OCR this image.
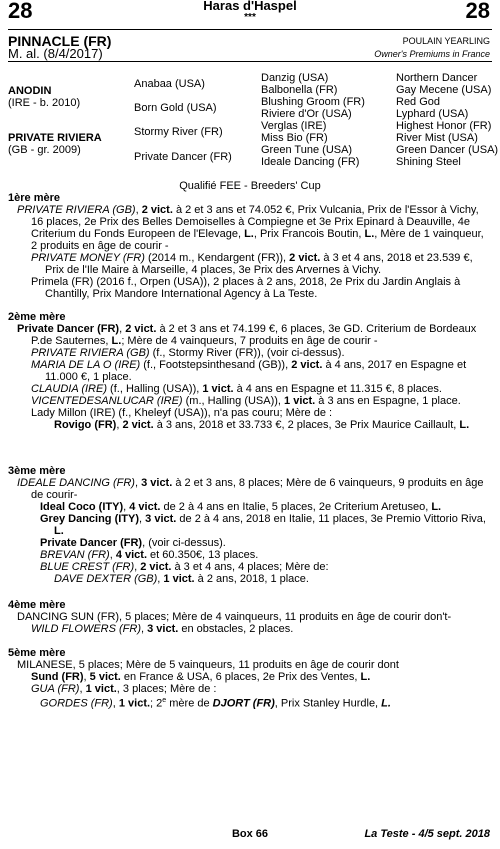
28	28
Haras d'Haspel
***
PINNACLE (FR)
M. al. (8/4/2017)
POULAIN YEARLING
Owner's Premiums in France
ANODIN
(IRE - b. 2010)
PRIVATE RIVIERA
(GB - gr. 2009)
Anabaa (USA)
Born Gold (USA)
Stormy River (FR)
Private Dancer (FR)
Danzig (USA)
Balbonella (FR)
Blushing Groom (FR)
Riviere d'Or (USA)
Verglas (IRE)
Miss Bio (FR)
Green Tune (USA)
Ideale Dancing (FR)
Northern Dancer
Gay Mecene (USA)
Red God
Lyphard (USA)
Highest Honor (FR)
River Mist (USA)
Green Dancer (USA)
Shining Steel
Qualifié FEE - Breeders' Cup

1ère mère

PRIVATE RIVIERA (GB), 2 vict. à 2 et 3 ans et 74.052 €, Prix Vulcania, Prix de l'Essor à Vichy, 16 places, 2e Prix des Belles Demoiselles à Compiegne et 3e Prix Epinard à Deauville, 4e Criterium du Fonds Europeen de l'Elevage, L., Prix Francois Boutin, L., Mère de 1 vainqueur, 2 produits en âge de courir -

PRIVATE MONEY (FR) (2014 m., Kendargent (FR)), 2 vict. à 3 et 4 ans, 2018 et 23.539 €, Prix de l'Ile Maire à Marseille, 4 places, 3e Prix des Arvernes à Vichy.

Primela (FR) (2016 f., Orpen (USA)), 2 places à 2 ans, 2018, 2e Prix du Jardin Anglais à Chantilly, Prix Mandore International Agency à La Teste.

2ème mère

Private Dancer (FR), 2 vict. à 2 et 3 ans et 74.199 €, 6 places, 3e GD. Criterium de Bordeaux P.de Sauternes, L.; Mère de 4 vainqueurs, 7 produits en âge de courir -

PRIVATE RIVIERA (GB) (f., Stormy River (FR)), (voir ci-dessus).

MARIA DE LA O (IRE) (f., Footstepsinthesand (GB)), 2 vict. à 4 ans, 2017 en Espagne et 11.000 €, 1 place.

CLAUDIA (IRE) (f., Halling (USA)), 1 vict. à 4 ans en Espagne et 11.315 €, 8 places.

VICENTEDESANLUCAR (IRE) (m., Halling (USA)), 1 vict. à 3 ans en Espagne, 1 place.

Lady Millon (IRE) (f., Kheleyf (USA)), n'a pas couru; Mère de :

Rovigo (FR), 2 vict. à 3 ans, 2018 et 33.733 €, 2 places, 3e Prix Maurice Caillault, L.

3ème mère

IDEALE DANCING (FR), 3 vict. à 2 et 3 ans, 8 places; Mère de 6 vainqueurs, 9 produits en âge de courir-

Ideal Coco (ITY), 4 vict. de 2 à 4 ans en Italie, 5 places, 2e Criterium Aretuseo, L.

Grey Dancing (ITY), 3 vict. de 2 à 4 ans, 2018 en Italie, 11 places, 3e Premio Vittorio Riva, L.

Private Dancer (FR), (voir ci-dessus).

BREVAN (FR), 4 vict. et 60.350€, 13 places.

BLUE CREST (FR), 2 vict. à 3 et 4 ans, 4 places; Mère de:

DAVE DEXTER (GB), 1 vict. à 2 ans, 2018, 1 place.

4ème mère

DANCING SUN (FR), 5 places; Mère de 4 vainqueurs, 11 produits en âge de courir don't-

WILD FLOWERS (FR), 3 vict. en obstacles, 2 places.

5ème mère

MILANESE, 5 places; Mère de 5 vainqueurs, 11 produits en âge de courir dont

Sund (FR), 5 vict. en France & USA, 6 places, 2e Prix des Ventes, L.

GUA (FR), 1 vict., 3 places; Mère de :

GORDES (FR), 1 vict.; 2e mère de DJORT (FR), Prix Stanley Hurdle, L.

Box 66	La Teste - 4/5 sept. 2018
